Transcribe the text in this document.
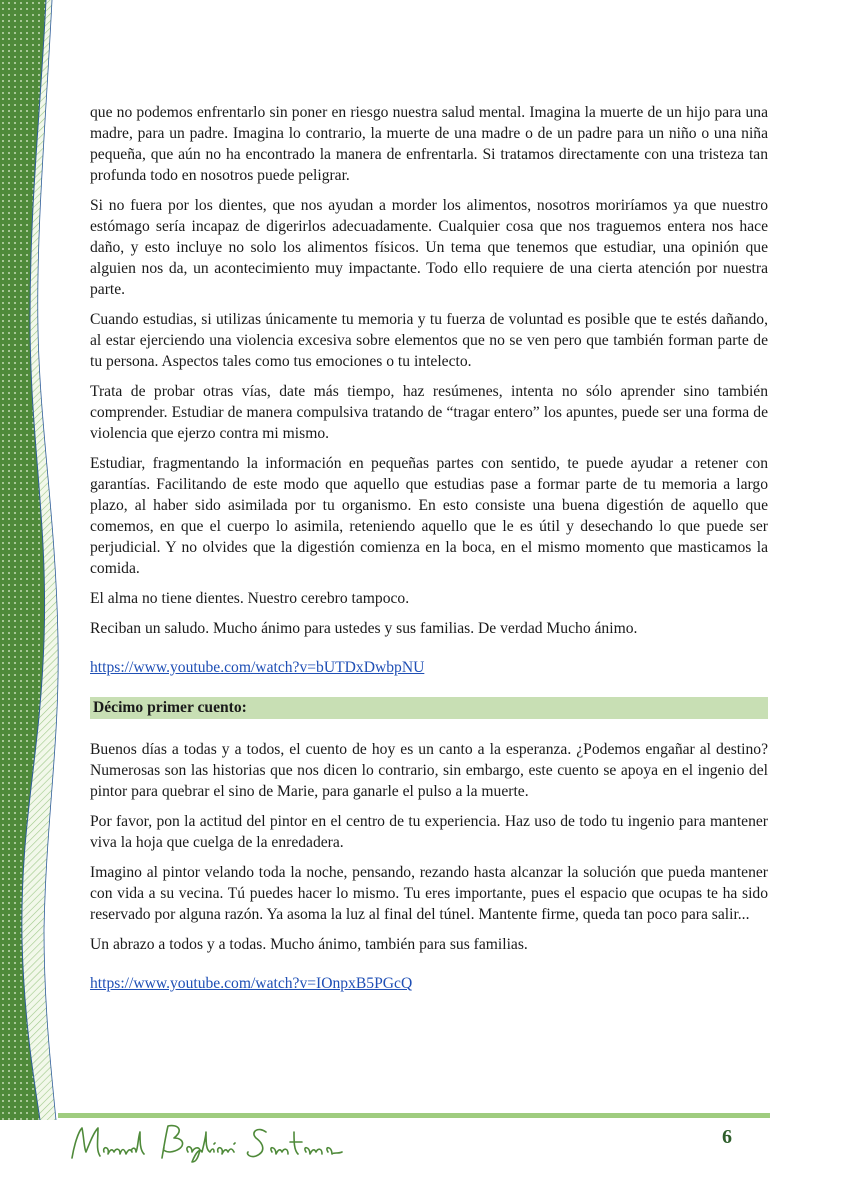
que no podemos enfrentarlo sin poner en riesgo nuestra salud mental. Imagina la muerte de un hijo para una madre, para un padre. Imagina lo contrario, la muerte de una madre o de un padre para un niño o una niña pequeña, que aún no ha encontrado la manera de enfrentarla. Si tratamos directamente con una tristeza tan profunda todo en nosotros puede peligrar.

Si no fuera por los dientes, que nos ayudan a morder los alimentos, nosotros moriríamos ya que nuestro estómago sería incapaz de digerirlos adecuadamente. Cualquier cosa que nos traguemos entera nos hace daño, y esto incluye no solo los alimentos físicos. Un tema que tenemos que estudiar, una opinión que alguien nos da, un acontecimiento muy impactante. Todo ello requiere de una cierta atención por nuestra parte.

Cuando estudias, si utilizas únicamente tu memoria y tu fuerza de voluntad es posible que te estés dañando, al estar ejerciendo una violencia excesiva sobre elementos que no se ven pero que también forman parte de tu persona. Aspectos tales como tus emociones o tu intelecto.

Trata de probar otras vías, date más tiempo, haz resúmenes, intenta no sólo aprender sino también comprender. Estudiar de manera compulsiva tratando de “tragar entero” los apuntes, puede ser una forma de violencia que ejerzo contra mi mismo.

Estudiar, fragmentando la información en pequeñas partes con sentido, te puede ayudar a retener con garantías. Facilitando de este modo que aquello que estudias pase a formar parte de tu memoria a largo plazo, al haber sido asimilada por tu organismo. En esto consiste una buena digestión de aquello que comemos, en que el cuerpo lo asimila, reteniendo aquello que le es útil y desechando lo que puede ser perjudicial. Y no olvides que la digestión comienza en la boca, en el mismo momento que masticamos la comida.

El alma no tiene dientes. Nuestro cerebro tampoco.

Reciban un saludo. Mucho ánimo para ustedes y sus familias. De verdad Mucho ánimo.

https://www.youtube.com/watch?v=bUTDxDwbpNU

Décimo primer cuento:

Buenos días a todas y a todos, el cuento de hoy es un canto a la esperanza. ¿Podemos engañar al destino? Numerosas son las historias que nos dicen lo contrario, sin embargo, este cuento se apoya en el ingenio del pintor para quebrar el sino de Marie, para ganarle el pulso a la muerte.

Por favor, pon la actitud del pintor en el centro de tu experiencia. Haz uso de todo tu ingenio para mantener viva la hoja que cuelga de la enredadera.

Imagino al pintor velando toda la noche, pensando, rezando hasta alcanzar la solución que pueda mantener con vida a su vecina. Tú puedes hacer lo mismo. Tu eres importante, pues el espacio que ocupas te ha sido reservado por alguna razón. Ya asoma la luz al final del túnel. Mantente firme, queda tan poco para salir...

Un abrazo a todos y a todas. Mucho ánimo, también para sus familias.

https://www.youtube.com/watch?v=IOnpxB5PGcQ

Manuel Bogliani Santana
6
